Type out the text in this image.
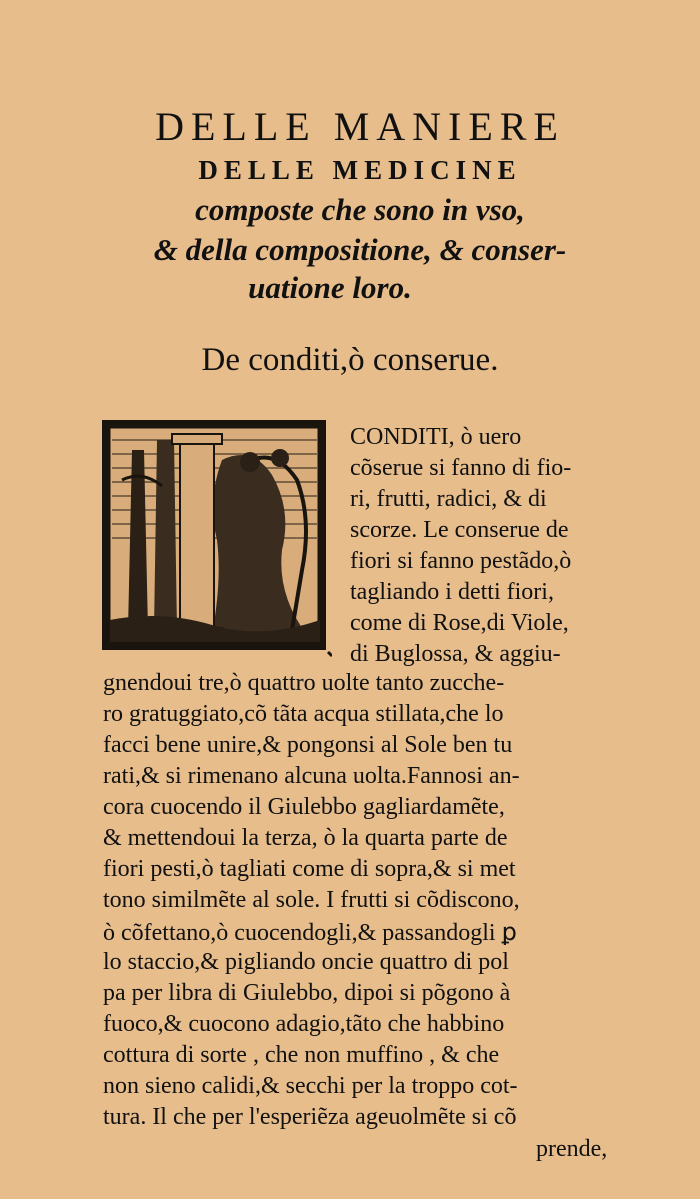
DELLE MANIERE
DELLE MEDICINE
composte che sono in vso,
& della compositione, & conser-
uatione loro.
De conditi,ò conserue.
CONDITI, ò uero
cõserue si fanno di fio-
ri, frutti, radici, & di
scorze. Le conserue de
fiori si fanno pestãdo,ò
tagliando i detti fiori,
come di Rose,di Viole,
di Buglossa, & aggiu-
gnendoui tre,ò quattro uolte tanto zucche-
ro gratuggiato,cõ tãta acqua stillata,che lo
facci bene unire,& pongonsi al Sole ben tu
rati,& si rimenano alcuna uolta.Fannosi an-
cora cuocendo il Giulebbo gagliardamẽte,
& mettendoui la terza, ò la quarta parte de
fiori pesti,ò tagliati come di sopra,& si met
tono similmẽte al sole. I frutti si cõdiscono,
ò cõfettano,ò cuocendogli,& passandogli ꝑ
lo staccio,& pigliando oncie quattro di pol
pa per libra di Giulebbo, dipoi si põgono à
fuoco,& cuocono adagio,tãto che habbino
cottura di sorte , che non muffino , & che
non sieno calidi,& secchi per la troppo cot-
tura. Il che per l'esperiẽza ageuolmẽte si cõ
prende,
